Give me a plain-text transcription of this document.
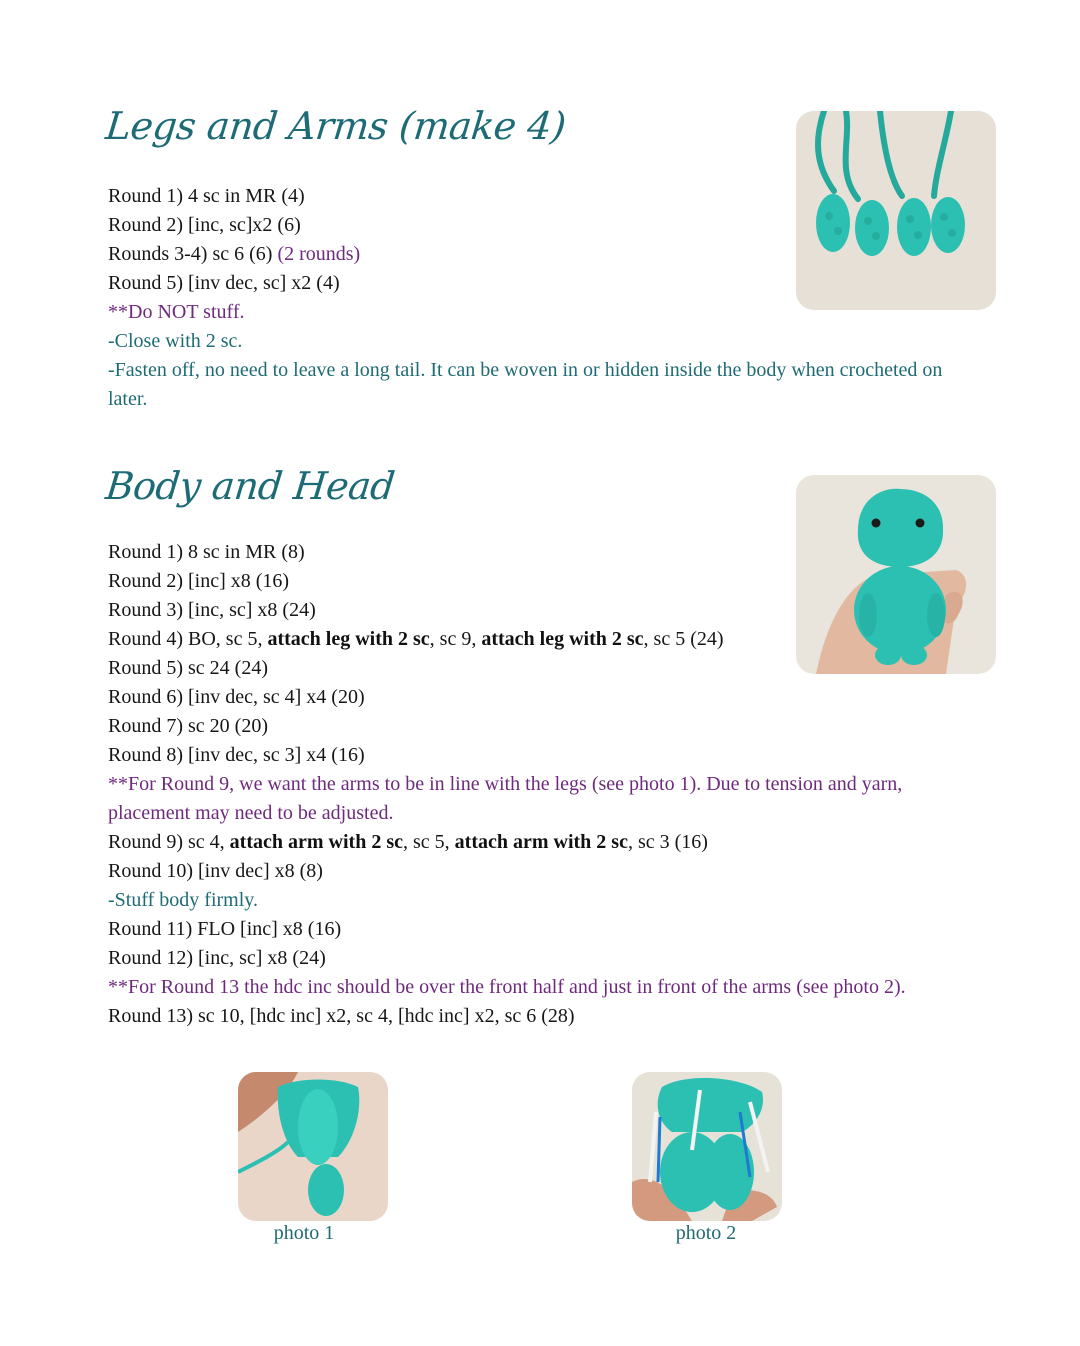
Legs and Arms (make 4)
Round 1) 4 sc in MR (4)
Round 2) [inc, sc]x2 (6)
Rounds 3-4) sc 6 (6) (2 rounds)
Round 5) [inv dec, sc] x2 (4)
**Do NOT stuff.
-Close with 2 sc.
-Fasten off, no need to leave a long tail. It can be woven in or hidden inside the body when crocheted on later.
Body and Head
Round 1) 8 sc in MR (8)
Round 2) [inc] x8 (16)
Round 3) [inc, sc] x8 (24)
Round 4) BO, sc 5, attach leg with 2 sc, sc 9, attach leg with 2 sc, sc 5 (24)
Round 5) sc 24 (24)
Round 6) [inv dec, sc 4] x4 (20)
Round 7) sc 20 (20)
Round 8) [inv dec, sc 3] x4 (16)
**For Round 9, we want the arms to be in line with the legs (see photo 1). Due to tension and yarn, placement may need to be adjusted.
Round 9) sc 4, attach arm with 2 sc, sc 5, attach arm with 2 sc, sc 3 (16)
Round 10) [inv dec] x8 (8)
-Stuff body firmly.
Round 11) FLO [inc] x8 (16)
Round 12) [inc, sc] x8 (24)
**For Round 13 the hdc inc should be over the front half and just in front of the arms (see photo 2).
Round 13) sc 10, [hdc inc] x2, sc 4, [hdc inc] x2, sc 6 (28)
photo 1	photo 2
